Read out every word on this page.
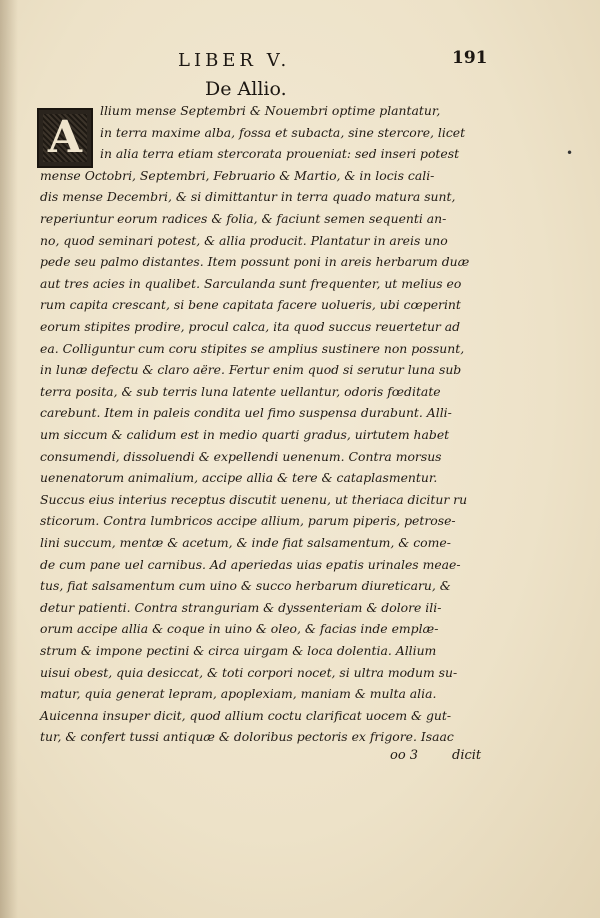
LIBER V.	191
De Allio.
A
llium mense Septembri & Nouembri optime plantatur,
in terra maxime alba, fossa et subacta, sine stercore, licet
in alia terra etiam stercorata proueniat: sed inseri potest
mense Octobri, Septembri, Februario & Martio, & in locis cali-
dis mense Decembri, & si dimittantur in terra quado matura sunt,
reperiuntur eorum radices & folia, & faciunt semen sequenti an-
no, quod seminari potest, & allia producit. Plantatur in areis uno
pede seu palmo distantes. Item possunt poni in areis herbarum duæ
aut tres acies in qualibet. Sarculanda sunt frequenter, ut melius eo
rum capita crescant, si bene capitata facere uolueris, ubi cœperint
eorum stipites prodire, procul calca, ita quod succus reuertetur ad
ea. Colliguntur cum coru stipites se amplius sustinere non possunt,
in lunæ defectu & claro aëre. Fertur enim quod si serutur luna sub
terra posita, & sub terris luna latente uellantur, odoris fœditate
carebunt. Item in paleis condita uel fimo suspensa durabunt. Alli-
um siccum & calidum est in medio quarti gradus, uirtutem habet
consumendi, dissoluendi & expellendi uenenum. Contra morsus
uenenatorum animalium, accipe allia & tere & cataplasmentur.
Succus eius interius receptus discutit uenenu, ut theriaca dicitur ru
sticorum. Contra lumbricos accipe allium, parum piperis, petrose-
lini succum, mentæ & acetum, & inde fiat salsamentum, & come-
de cum pane uel carnibus. Ad aperiedas uias epatis urinales meae-
tus, fiat salsamentum cum uino & succo herbarum diureticaru, &
detur patienti. Contra stranguriam & dyssenteriam & dolore ili-
orum accipe allia & coque in uino & oleo, & facias inde emplæ-
strum & impone pectini & circa uirgam & loca dolentia. Allium
uisui obest, quia desiccat, & toti corpori nocet, si ultra modum su-
matur, quia generat lepram, apoplexiam, maniam & multa alia.
Auicenna insuper dicit, quod allium coctu clarificat uocem & gut-
tur, & confert tussi antiquæ & doloribus pectoris ex frigore. Isaac
•
oo 3	dicit
